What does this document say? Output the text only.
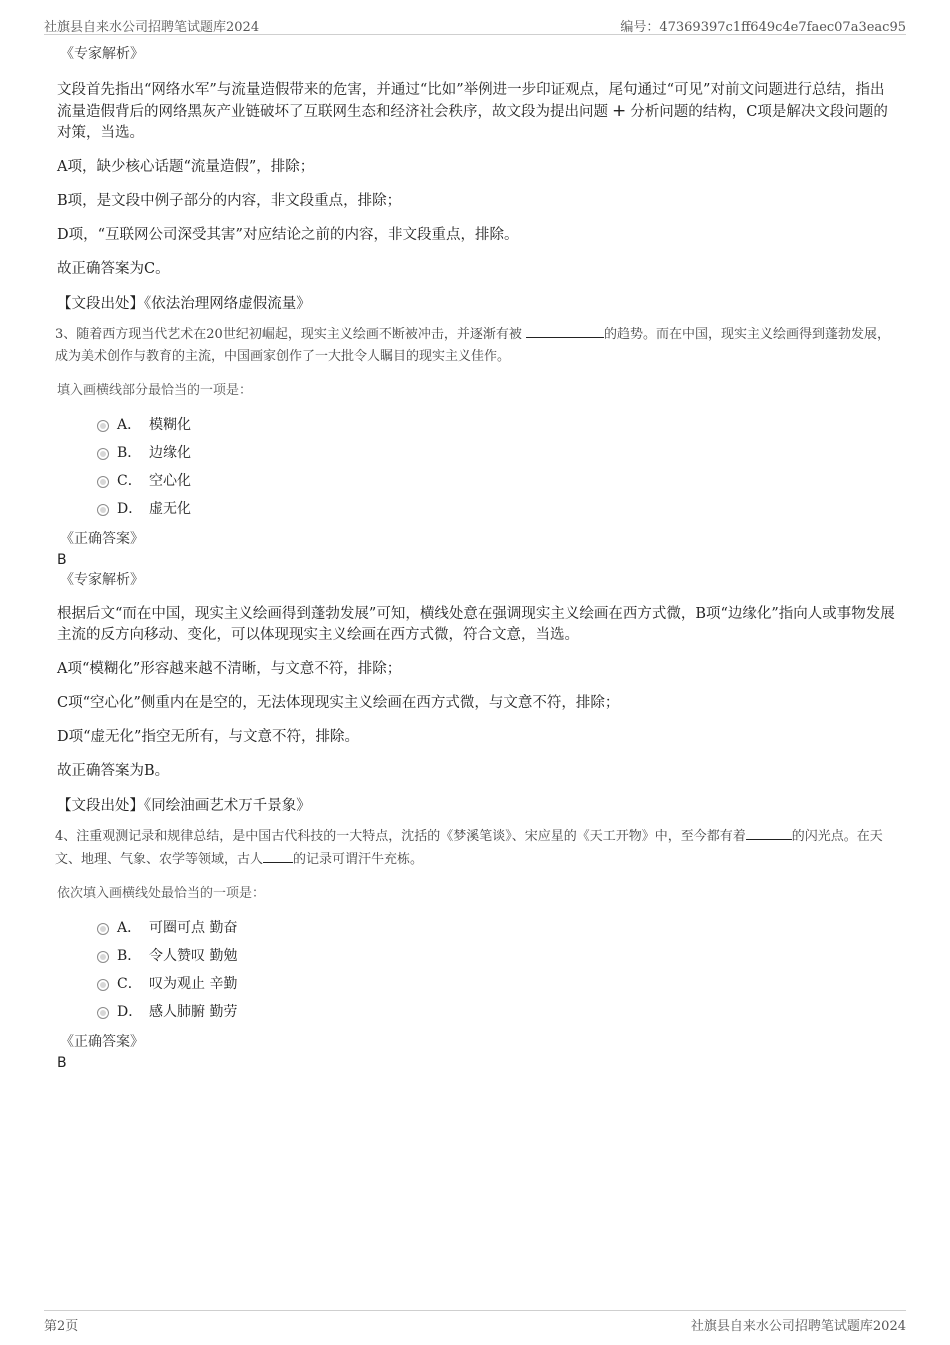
社旗县自来水公司招聘笔试题库2024	编号：47369397c1ff649c4e7faec07a3eac95
《专家解析》
文段首先指出“网络水军”与流量造假带来的危害，并通过“比如”举例进一步印证观点，尾句通过“可见”对前文问题进行总结，指出流量造假背后的网络黑灰产业链破坏了互联网生态和经济社会秩序，故文段为提出问题 + 分析问题的结构，C项是解决文段问题的对策，当选。
A项，缺少核心话题“流量造假”，排除；
B项，是文段中例子部分的内容，非文段重点，排除；
D项，“互联网公司深受其害”对应结论之前的内容，非文段重点，排除。
故正确答案为C。
【文段出处】《依法治理网络虚假流量》
3、随着西方现当代艺术在20世纪初崛起，现实主义绘画不断被冲击，并逐渐有被	的趋势。而在中国，现实主义绘画得到蓬勃发展，成为美术创作与教育的主流，中国画家创作了一大批令人瞩目的现实主义佳作。
填入画横线部分最恰当的一项是：
A． 模糊化
B． 边缘化
C． 空心化
D． 虚无化
《正确答案》
B
《专家解析》
根据后文“而在中国，现实主义绘画得到蓬勃发展”可知，横线处意在强调现实主义绘画在西方式微，B项“边缘化”指向人或事物发展主流的反方向移动、变化，可以体现现实主义绘画在西方式微，符合文意，当选。
A项“模糊化”形容越来越不清晰，与文意不符，排除；
C项“空心化”侧重内在是空的，无法体现现实主义绘画在西方式微，与文意不符，排除；
D项“虚无化”指空无所有，与文意不符，排除。
故正确答案为B。
【文段出处】《同绘油画艺术万千景象》
4、注重观测记录和规律总结，是中国古代科技的一大特点，沈括的《梦溪笔谈》、宋应星的《天工开物》中，至今都有着	的闪光点。在天文、地理、气象、农学等领域，古人 的记录可谓汗牛充栋。
依次填入画横线处最恰当的一项是：
A． 可圈可点 勤奋
B． 令人赞叹 勤勉
C． 叹为观止 辛勤
D． 感人肺腑 勤劳
《正确答案》
B
第2页	社旗县自来水公司招聘笔试题库2024
